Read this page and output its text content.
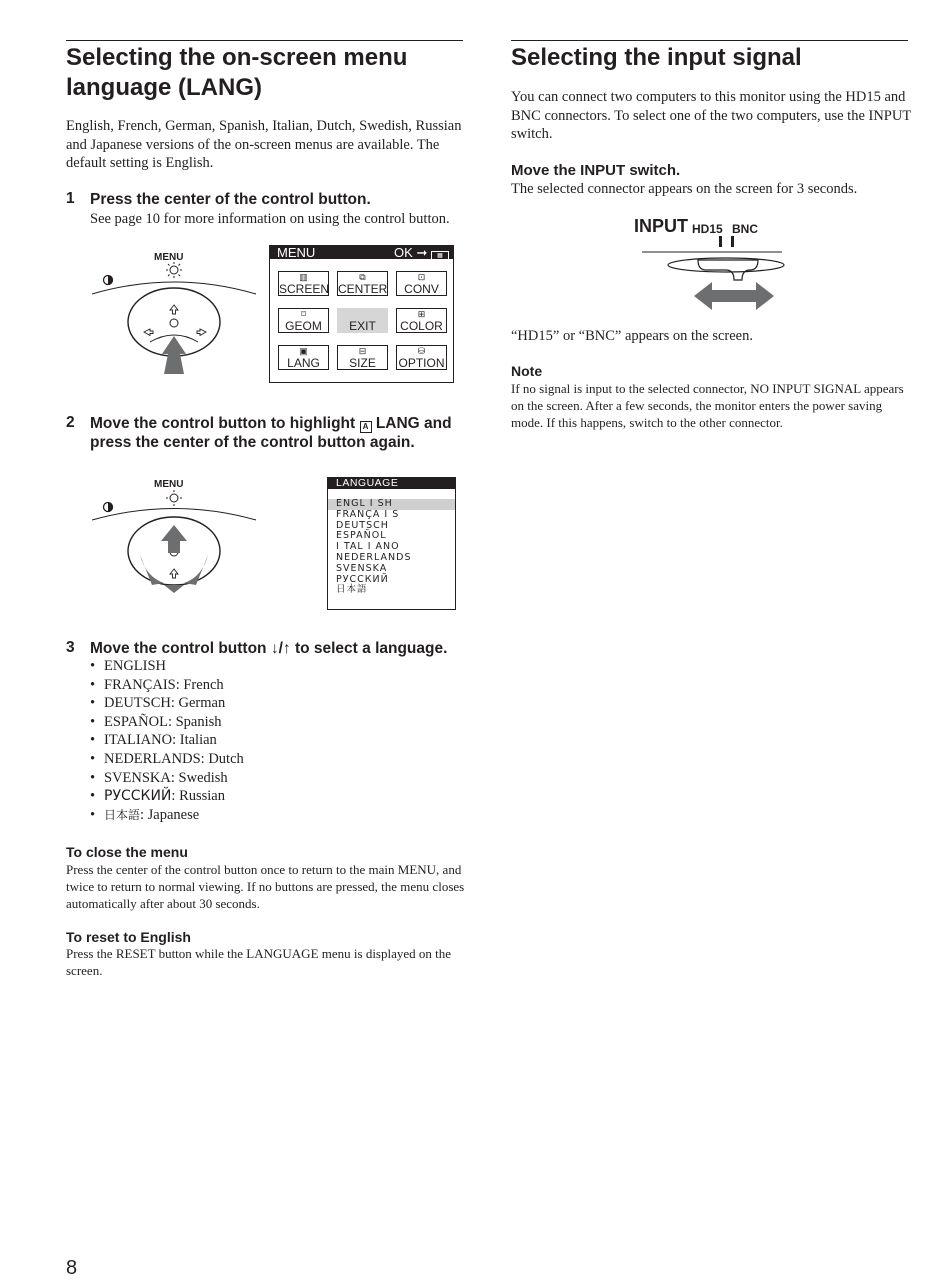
Selecting the on-screen menu
language (LANG)

English, French, German, Spanish, Italian, Dutch, Swedish, Russian and Japanese versions of the on-screen menus are available. The default setting is English.

1 Press the center of the control button.

See page 10 for more information on using the control button.

MENU	MENU	OK ➞ ▦
▥
SCREEN
⧉
CENTER
⊡
CONV
⌑
GEOM	EXIT
⊞
COLOR
▣
LANG
⊟
SIZE
⛁
OPTION
2 Move the control button to highlight A LANG and
press the center of the control button again.

MENU	LANGUAGE
ENGL I SH
FRANÇA I S
DEUTSCH
ESPAÑOL
I TAL I ANO
NEDERLANDS
SVENSKA
РУССКИЙ
日本語
3 Move the control button ↓/↑ to select a language.

• ENGLISH
• FRANÇAIS: French
• DEUTSCH: German
• ESPAÑOL: Spanish
• ITALIANO: Italian
• NEDERLANDS: Dutch
• SVENSKA: Swedish
• РУССКИЙ: Russian
• 日本語: Japanese

To close the menu

Press the center of the control button once to return to the main MENU, and twice to return to normal viewing. If no buttons are pressed, the menu closes automatically after about 30 seconds.

To reset to English

Press the RESET button while the LANGUAGE menu is displayed on the screen.

Selecting the input signal

You can connect two computers to this monitor using the HD15 and BNC connectors. To select one of the two computers, use the INPUT switch.

Move the INPUT switch.

The selected connector appears on the screen for 3 seconds.

INPUT HD15 BNC

“HD15” or “BNC” appears on the screen.

Note

If no signal is input to the selected connector, NO INPUT SIGNAL appears on the screen. After a few seconds, the monitor enters the power saving mode. If this happens, switch to the other connector.

8
